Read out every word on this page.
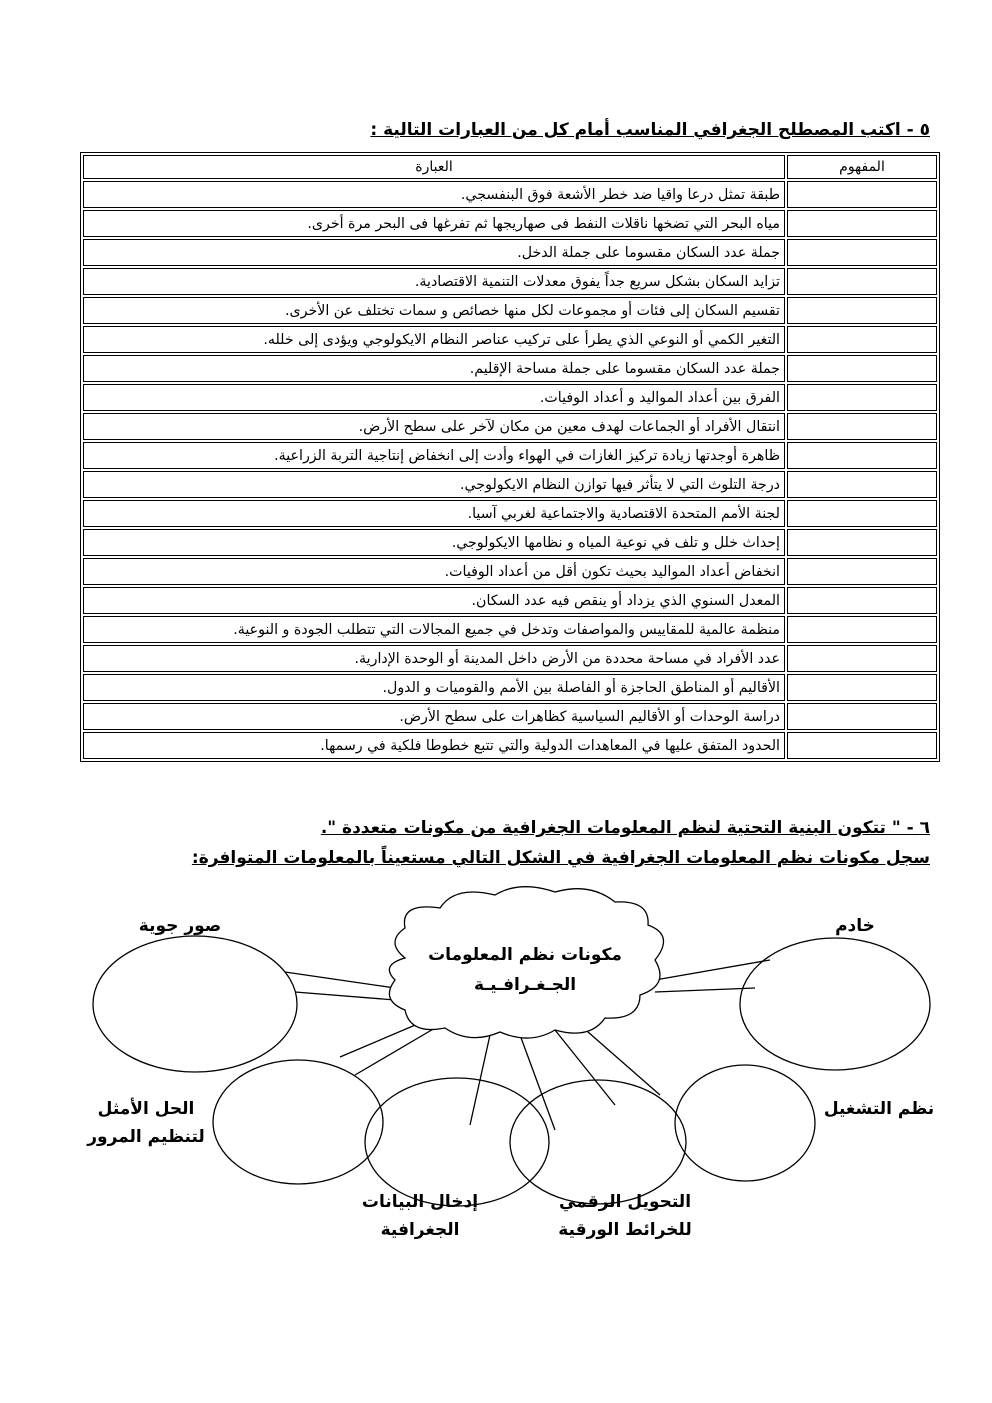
٥ - اكتب المصطلح الجغرافي المناسب أمام كل من العبارات التالية :
المفهوم	العبارة
	طبقة تمثل درعا واقيا ضد خطر الأشعة فوق البنفسجي.
	مياه البحر التي تضخها ناقلات النفط فى صهاريجها ثم تفرغها فى البحر مرة أخرى.
	جملة عدد السكان مقسوما على جملة الدخل.
	تزايد السكان بشكل سريع جداً يفوق معدلات التنمية الاقتصادية.
	تقسيم السكان إلى فئات أو مجموعات لكل منها خصائص و سمات تختلف عن الأخرى.
	التغير الكمي أو النوعي الذي يطرأ على تركيب عناصر النظام الايكولوجي ويؤدى إلى خلله.
	جملة عدد السكان مقسوما على جملة مساحة الإقليم.
	الفرق بين أعداد المواليد و أعداد الوفيات.
	انتقال الأفراد أو الجماعات لهدف معين من مكان لآخر على سطح الأرض.
	ظاهرة أوجدتها زيادة تركيز الغازات في الهواء وأدت إلى انخفاض إنتاجية التربة الزراعية.
	درجة التلوث التي لا يتأثر فيها توازن النظام الايكولوجي.
	لجنة الأمم المتحدة الاقتصادية والاجتماعية لغربي آسيا.
	إحداث خلل و تلف في نوعية المياه و نظامها الايكولوجي.
	انخفاض أعداد المواليد بحيث تكون أقل من أعداد الوفيات.
	المعدل السنوي الذي يزداد أو ينقص فيه عدد السكان.
	منظمة عالمية للمقاييس والمواصفات وتدخل في جميع المجالات التي تتطلب الجودة و النوعية.
	عدد الأفراد في مساحة محددة من الأرض داخل المدينة أو الوحدة الإدارية.
	الأقاليم أو المناطق الحاجزة أو الفاصلة بين الأمم والقوميات و الدول.
	دراسة الوحدات أو الأقاليم السياسية كظاهرات على سطح الأرض.
	الحدود المتفق عليها في المعاهدات الدولية والتي تتبع خطوطا فلكية في رسمها.
٦ - " تتكون البنية التحتية لنظم المعلومات الجغرافية من مكونات متعددة ".
سجل مكونات نظم المعلومات الجغرافية في الشكل التالي مستعيناً بالمعلومات المتوافرة:
مكونات نظم المعلومات
الجـغـرافـيـة
صور جوية	خادم
الحل الأمثل
لتنظيم المرور
نظم التشغيل
إدخال البيانات
الجغرافية
التحويل الرقمي
للخرائط الورقية
